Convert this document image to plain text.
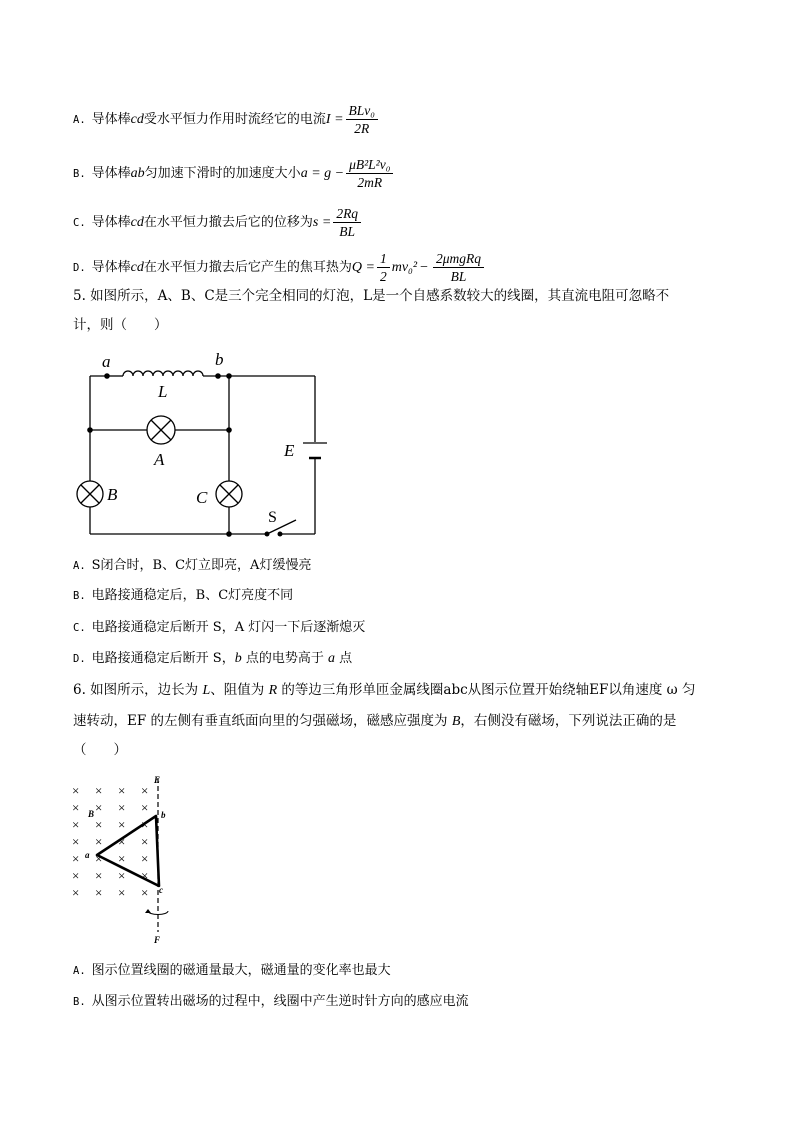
A. 导体棒cd受水平恒力作用时流经它的电流$I = \frac{\text{BLv₀}}{2R}$
B. 导体棒ab匀加速下滑时的加速度大小$a = g - \frac{\text{μB²L²v₀}}{2mR}$
C. 导体棒cd在水平恒力撤去后它的位移为$s = \frac{2Rq}{BL}$
D. 导体棒cd在水平恒力撤去后它产生的焦耳热为$Q = \frac{1}{2} mv_0^2 - \frac{\text{2μmgRq}}{BL}$
5. 如图所示，A、B、C是三个完全相同的灯泡，L是一个自感系数较大的线圈，其直流电阻可忽略不
计，则（　　）
a	b
L
A
B	C
E
S
A. S闭合时，B、C灯立即亮，A灯缓慢亮
B. 电路接通稳定后，B、C灯亮度不同
C. 电路接通稳定后断开 S，A 灯闪一下后逐渐熄灭
D. 电路接通稳定后断开 S，b 点的电势高于 a 点
6. 如图所示，边长为 L、阻值为 R 的等边三角形单匝金属线圈abc从图示位置开始绕轴EF以角速度 ω 匀
速转动，EF 的左侧有垂直纸面向里的匀强磁场，磁感应强度为 B，右侧没有磁场，下列说法正确的是
（　　）
× × × ×
× × × ×
× × × ×
× × × ×
× × × ×
× × × ×
× × × ×
E
F
B
a
b
c
A. 图示位置线圈的磁通量最大，磁通量的变化率也最大
B. 从图示位置转出磁场的过程中，线圈中产生逆时针方向的感应电流
